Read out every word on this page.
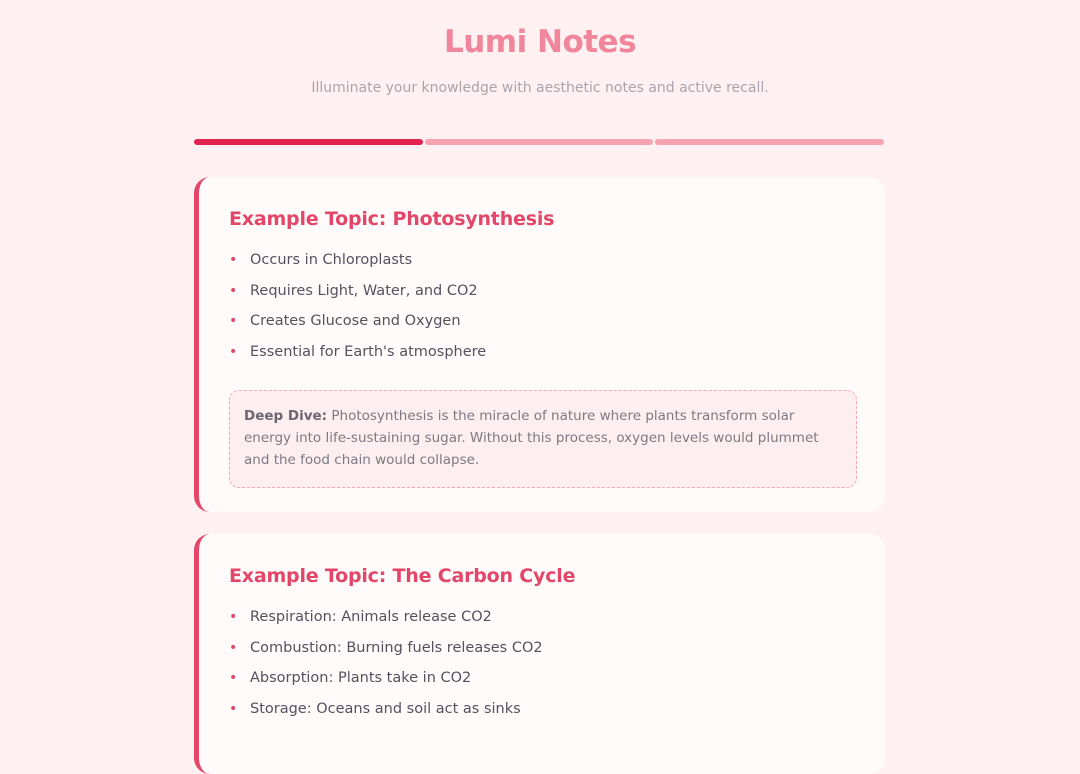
Lumi Notes
Illuminate your knowledge with aesthetic notes and active recall.
Example Topic: Photosynthesis
• Occurs in Chloroplasts
• Requires Light, Water, and CO2
• Creates Glucose and Oxygen
• Essential for Earth's atmosphere
Deep Dive: Photosynthesis is the miracle of nature where plants transform solar energy into life-sustaining sugar. Without this process, oxygen levels would plummet and the food chain would collapse.
Example Topic: The Carbon Cycle
• Respiration: Animals release CO2
• Combustion: Burning fuels releases CO2
• Absorption: Plants take in CO2
• Storage: Oceans and soil act as sinks
